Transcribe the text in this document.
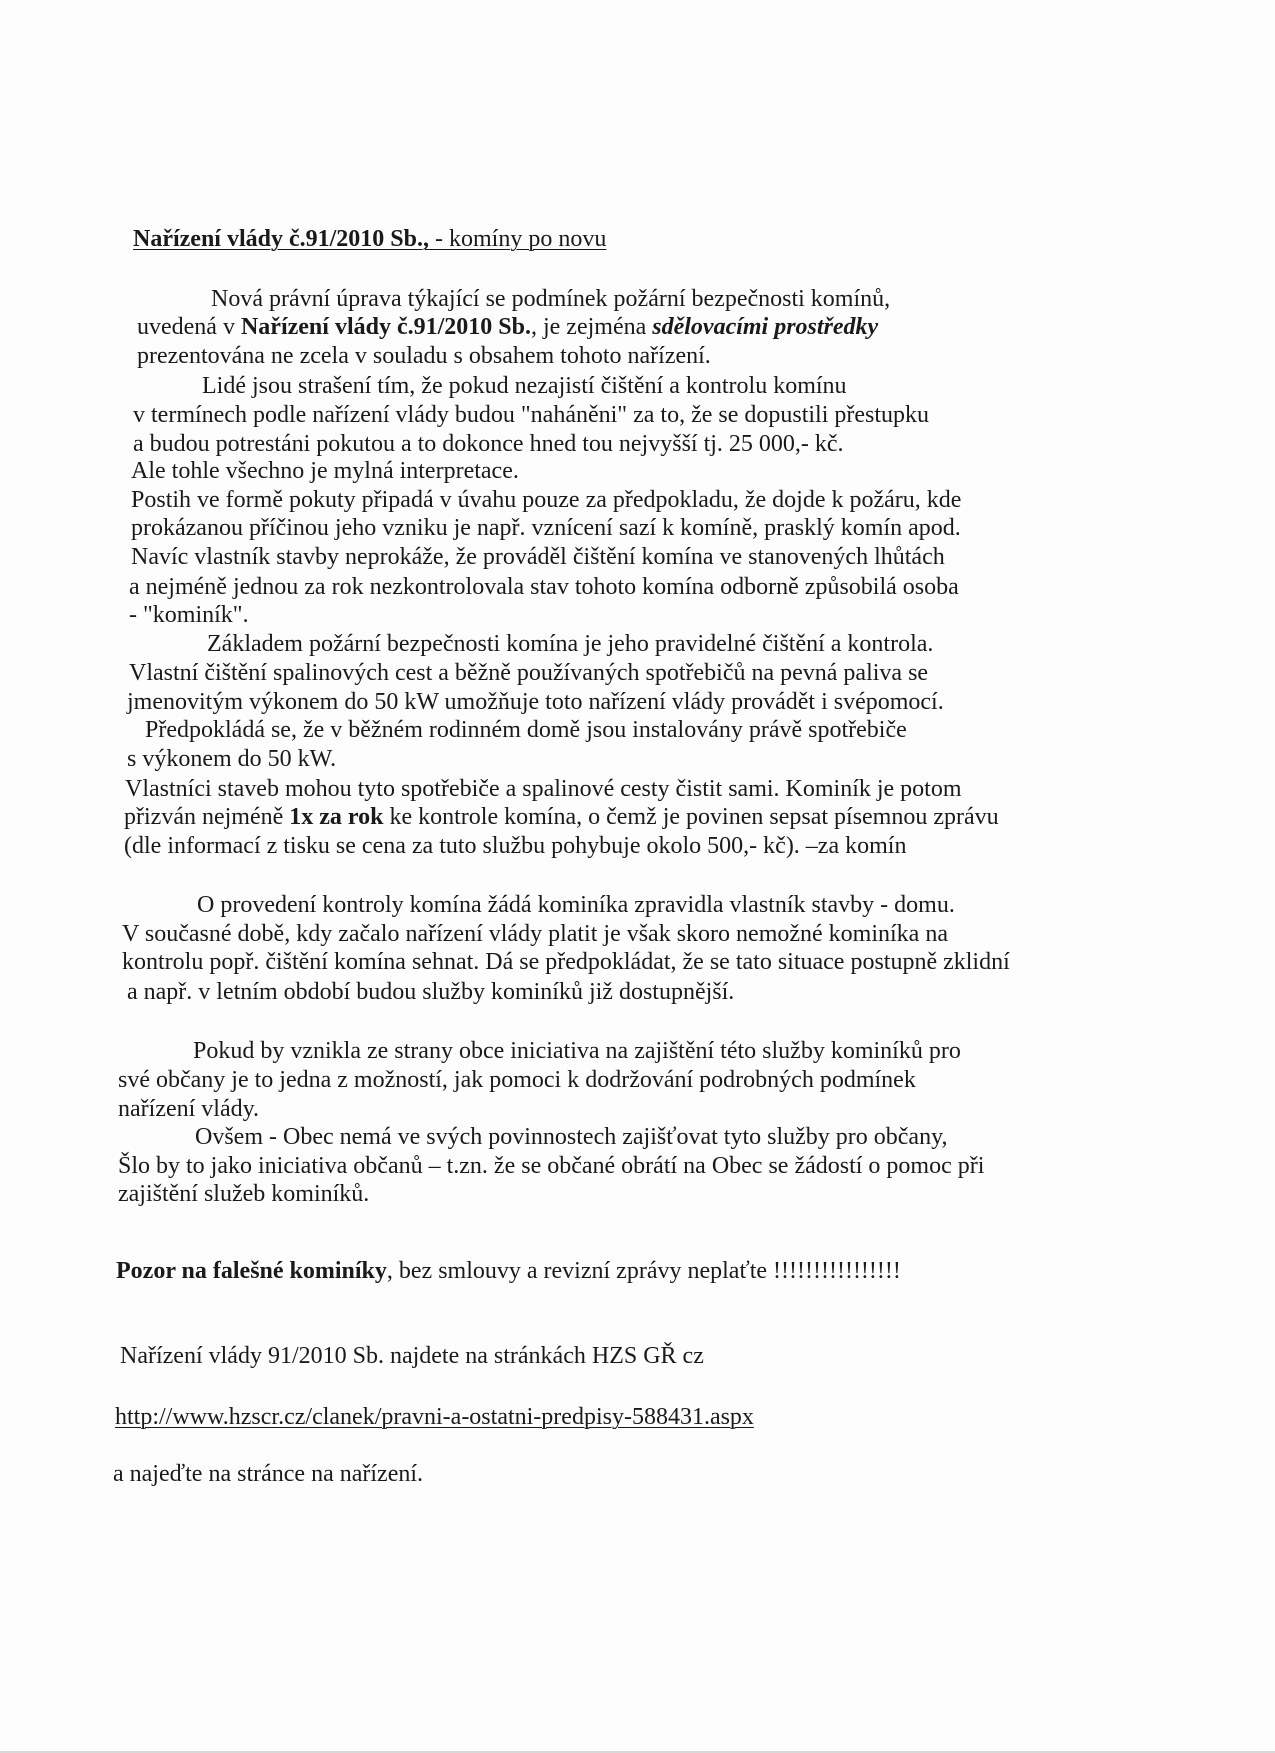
Nařízení vlády č.91/2010 Sb., - komíny po novu

Nová právní úprava týkající se podmínek požární bezpečnosti komínů,

uvedená v Nařízení vlády č.91/2010 Sb., je zejména sdělovacími prostředky

prezentována ne zcela v souladu s obsahem tohoto nařízení.

Lidé jsou strašení tím, že pokud nezajistí čištění a kontrolu komínu

v termínech podle nařízení vlády budou "naháněni" za to, že se dopustili přestupku

a budou potrestáni pokutou a to dokonce hned tou nejvyšší tj. 25 000,- kč.

Ale tohle všechno je mylná interpretace.

Postih ve formě pokuty připadá v úvahu pouze za předpokladu, že dojde k požáru, kde

prokázanou příčinou jeho vzniku je např. vznícení sazí k komíně, prasklý komín apod.

Navíc vlastník stavby neprokáže, že prováděl čištění komína ve stanovených lhůtách

a nejméně jednou za rok nezkontrolovala stav tohoto komína odborně způsobilá osoba

- "kominík".

Základem požární bezpečnosti komína je jeho pravidelné čištění a kontrola.

Vlastní čištění spalinových cest a běžně používaných spotřebičů na pevná paliva se

jmenovitým výkonem do 50 kW umožňuje toto nařízení vlády provádět i svépomocí.

Předpokládá se, že v běžném rodinném domě jsou instalovány právě spotřebiče

s výkonem do 50 kW.

Vlastníci staveb mohou tyto spotřebiče a spalinové cesty čistit sami. Kominík je potom

přizván nejméně 1x za rok ke kontrole komína, o čemž je povinen sepsat písemnou zprávu

(dle informací z tisku se cena za tuto službu pohybuje okolo 500,- kč). –za komín

O provedení kontroly komína žádá kominíka zpravidla vlastník stavby - domu.

V současné době, kdy začalo nařízení vlády platit je však skoro nemožné kominíka na

kontrolu popř. čištění komína sehnat. Dá se předpokládat, že se tato situace postupně zklidní

a např. v letním období budou služby kominíků již dostupnější.

Pokud by vznikla ze strany obce iniciativa na zajištění této služby kominíků pro

své občany je to jedna z možností, jak pomoci k dodržování podrobných podmínek

nařízení vlády.

Ovšem - Obec nemá ve svých povinnostech zajišťovat tyto služby pro občany,

Šlo by to jako iniciativa občanů – t.zn. že se občané obrátí na Obec se žádostí o pomoc při

zajištění služeb kominíků.

Pozor na falešné kominíky, bez smlouvy a revizní zprávy neplaťte !!!!!!!!!!!!!!!!

Nařízení vlády 91/2010 Sb. najdete na stránkách HZS GŘ cz

http://www.hzscr.cz/clanek/pravni-a-ostatni-predpisy-588431.aspx

a najeďte na stránce na nařízení.
